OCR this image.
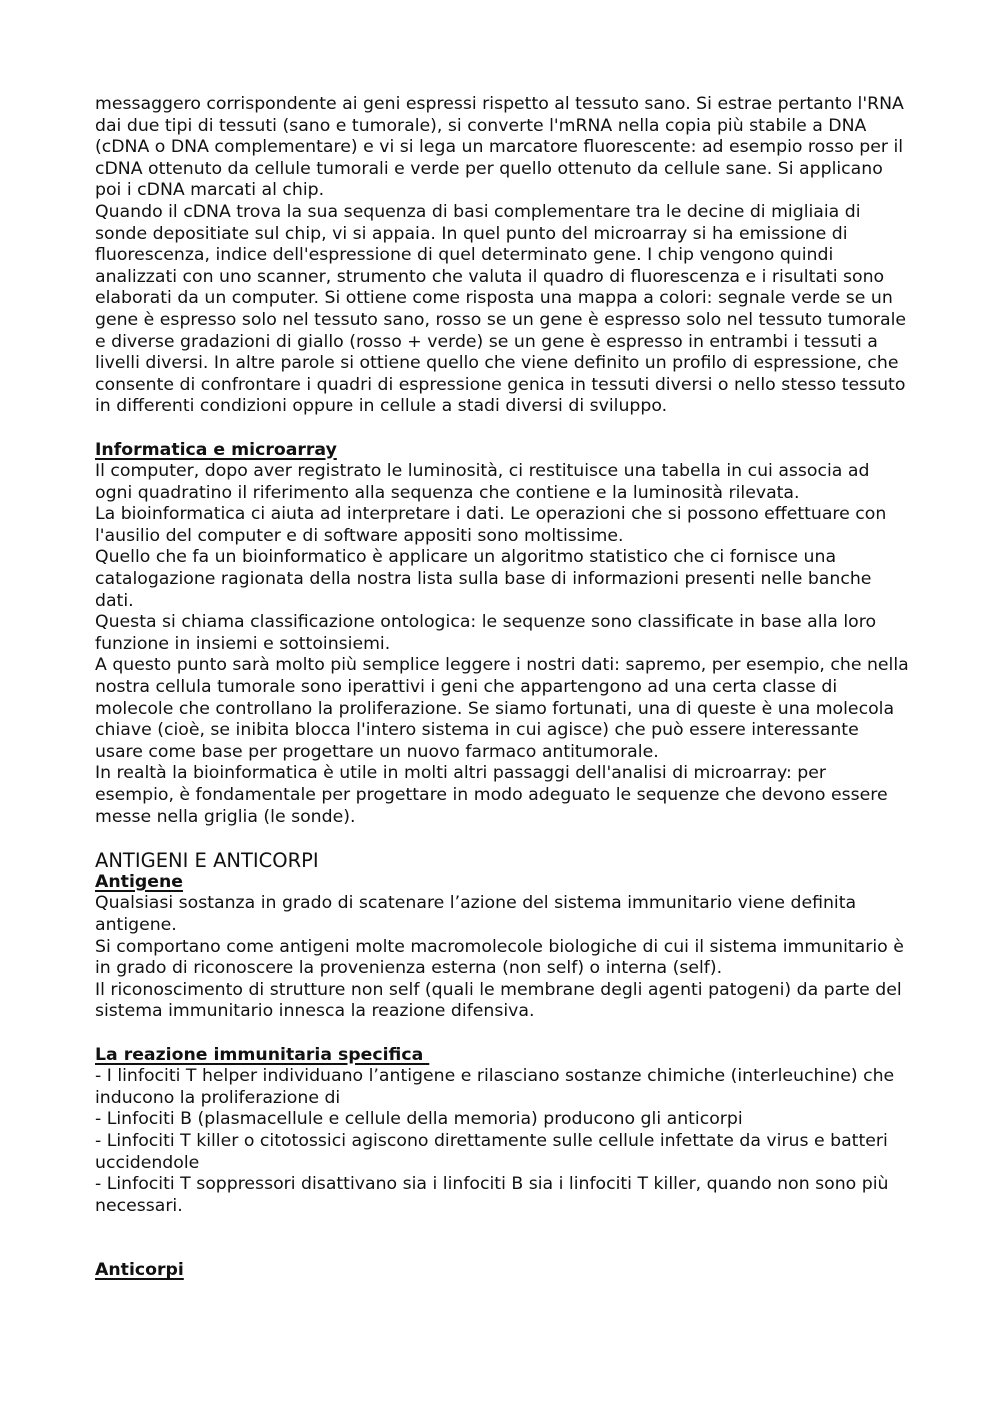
messaggero corrispondente ai geni espressi rispetto al tessuto sano. Si estrae pertanto l'RNA dai due tipi di tessuti (sano e tumorale), si converte l'mRNA nella copia più stabile a DNA (cDNA o DNA complementare) e vi si lega un marcatore fluorescente: ad esempio rosso per il cDNA ottenuto da cellule tumorali e verde per quello ottenuto da cellule sane. Si applicano poi i cDNA marcati al chip.

Quando il cDNA trova la sua sequenza di basi complementare tra le decine di migliaia di sonde depositiate sul chip, vi si appaia. In quel punto del microarray si ha emissione di fluorescenza, indice dell'espressione di quel determinato gene. I chip vengono quindi analizzati con uno scanner, strumento che valuta il quadro di fluorescenza e i risultati sono elaborati da un computer. Si ottiene come risposta una mappa a colori: segnale verde se un gene è espresso solo nel tessuto sano, rosso se un gene è espresso solo nel tessuto tumorale e diverse gradazioni di giallo (rosso + verde) se un gene è espresso in entrambi i tessuti a livelli diversi. In altre parole si ottiene quello che viene definito un profilo di espressione, che consente di confrontare i quadri di espressione genica in tessuti diversi o nello stesso tessuto in differenti condizioni oppure in cellule a stadi diversi di sviluppo.

Informatica e microarray

Il computer, dopo aver registrato le luminosità, ci restituisce una tabella in cui associa ad ogni quadratino il riferimento alla sequenza che contiene e la luminosità rilevata.

La bioinformatica ci aiuta ad interpretare i dati. Le operazioni che si possono effettuare con l'ausilio del computer e di software appositi sono moltissime.

Quello che fa un bioinformatico è applicare un algoritmo statistico che ci fornisce una catalogazione ragionata della nostra lista sulla base di informazioni presenti nelle banche dati.

Questa si chiama classificazione ontologica: le sequenze sono classificate in base alla loro funzione in insiemi e sottoinsiemi.

A questo punto sarà molto più semplice leggere i nostri dati: sapremo, per esempio, che nella nostra cellula tumorale sono iperattivi i geni che appartengono ad una certa classe di molecole che controllano la proliferazione. Se siamo fortunati, una di queste è una molecola chiave (cioè, se inibita blocca l'intero sistema in cui agisce) che può essere interessante usare come base per progettare un nuovo farmaco antitumorale.

In realtà la bioinformatica è utile in molti altri passaggi dell'analisi di microarray: per esempio, è fondamentale per progettare in modo adeguato le sequenze che devono essere messe nella griglia (le sonde).

ANTIGENI E ANTICORPI

Antigene

Qualsiasi sostanza in grado di scatenare l’azione del sistema immunitario viene definita antigene.

Si comportano come antigeni molte macromolecole biologiche di cui il sistema immunitario è in grado di riconoscere la provenienza esterna (non self) o interna (self).

Il riconoscimento di strutture non self (quali le membrane degli agenti patogeni) da parte del sistema immunitario innesca la reazione difensiva.

La reazione immunitaria specifica

- I linfociti T helper individuano l’antigene e rilasciano sostanze chimiche (interleuchine) che inducono la proliferazione di

- Linfociti B (plasmacellule e cellule della memoria) producono gli anticorpi

- Linfociti T killer o citotossici agiscono direttamente sulle cellule infettate da virus e batteri uccidendole

- Linfociti T soppressori disattivano sia i linfociti B sia i linfociti T killer, quando non sono più necessari.

Anticorpi
